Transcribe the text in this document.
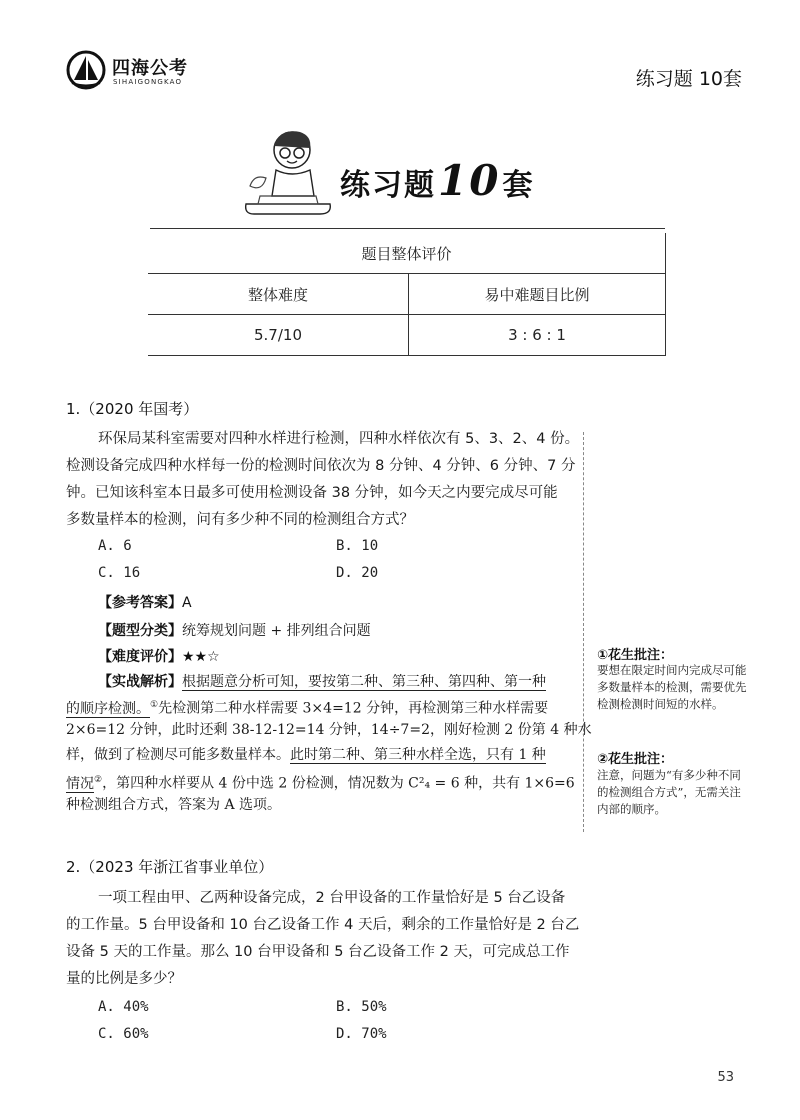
四海公考
SIHAIGONGKAO	练习题 10套
练习题10套
题目整体评价	
整体难度	易中难题目比例
5.7/10	3 : 6 : 1
1.（2020 年国考）
环保局某科室需要对四种水样进行检测，四种水样依次有 5、3、2、4 份。
检测设备完成四种水样每一份的检测时间依次为 8 分钟、4 分钟、6 分钟、7 分
钟。已知该科室本日最多可使用检测设备 38 分钟，如今天之内要完成尽可能
多数量样本的检测，问有多少种不同的检测组合方式？
A. 6	B. 10
C. 16	D. 20
【参考答案】A
【题型分类】统筹规划问题 + 排列组合问题
【难度评价】★★☆
【实战解析】根据题意分析可知，要按第二种、第三种、第四种、第一种
的顺序检测。①先检测第二种水样需要 3×4=12 分钟，再检测第三种水样需要
2×6=12 分钟，此时还剩 38-12-12=14 分钟，14÷7=2，刚好检测 2 份第 4 种水
样，做到了检测尽可能多数量样本。此时第二种、第三种水样全选，只有 1 种
情况②，第四种水样要从 4 份中选 2 份检测，情况数为 C²₄ = 6 种，共有 1×6=6
种检测组合方式，答案为 A 选项。
①花生批注：
要想在限定时间内完成尽可能多数量样本的检测，需要优先检测检测时间短的水样。
②花生批注：
注意，问题为“有多少种不同的检测组合方式”，无需关注内部的顺序。
2.（2023 年浙江省事业单位）
一项工程由甲、乙两种设备完成，2 台甲设备的工作量恰好是 5 台乙设备
的工作量。5 台甲设备和 10 台乙设备工作 4 天后，剩余的工作量恰好是 2 台乙
设备 5 天的工作量。那么 10 台甲设备和 5 台乙设备工作 2 天，可完成总工作
量的比例是多少？
A. 40%	B. 50%
C. 60%	D. 70%
53
